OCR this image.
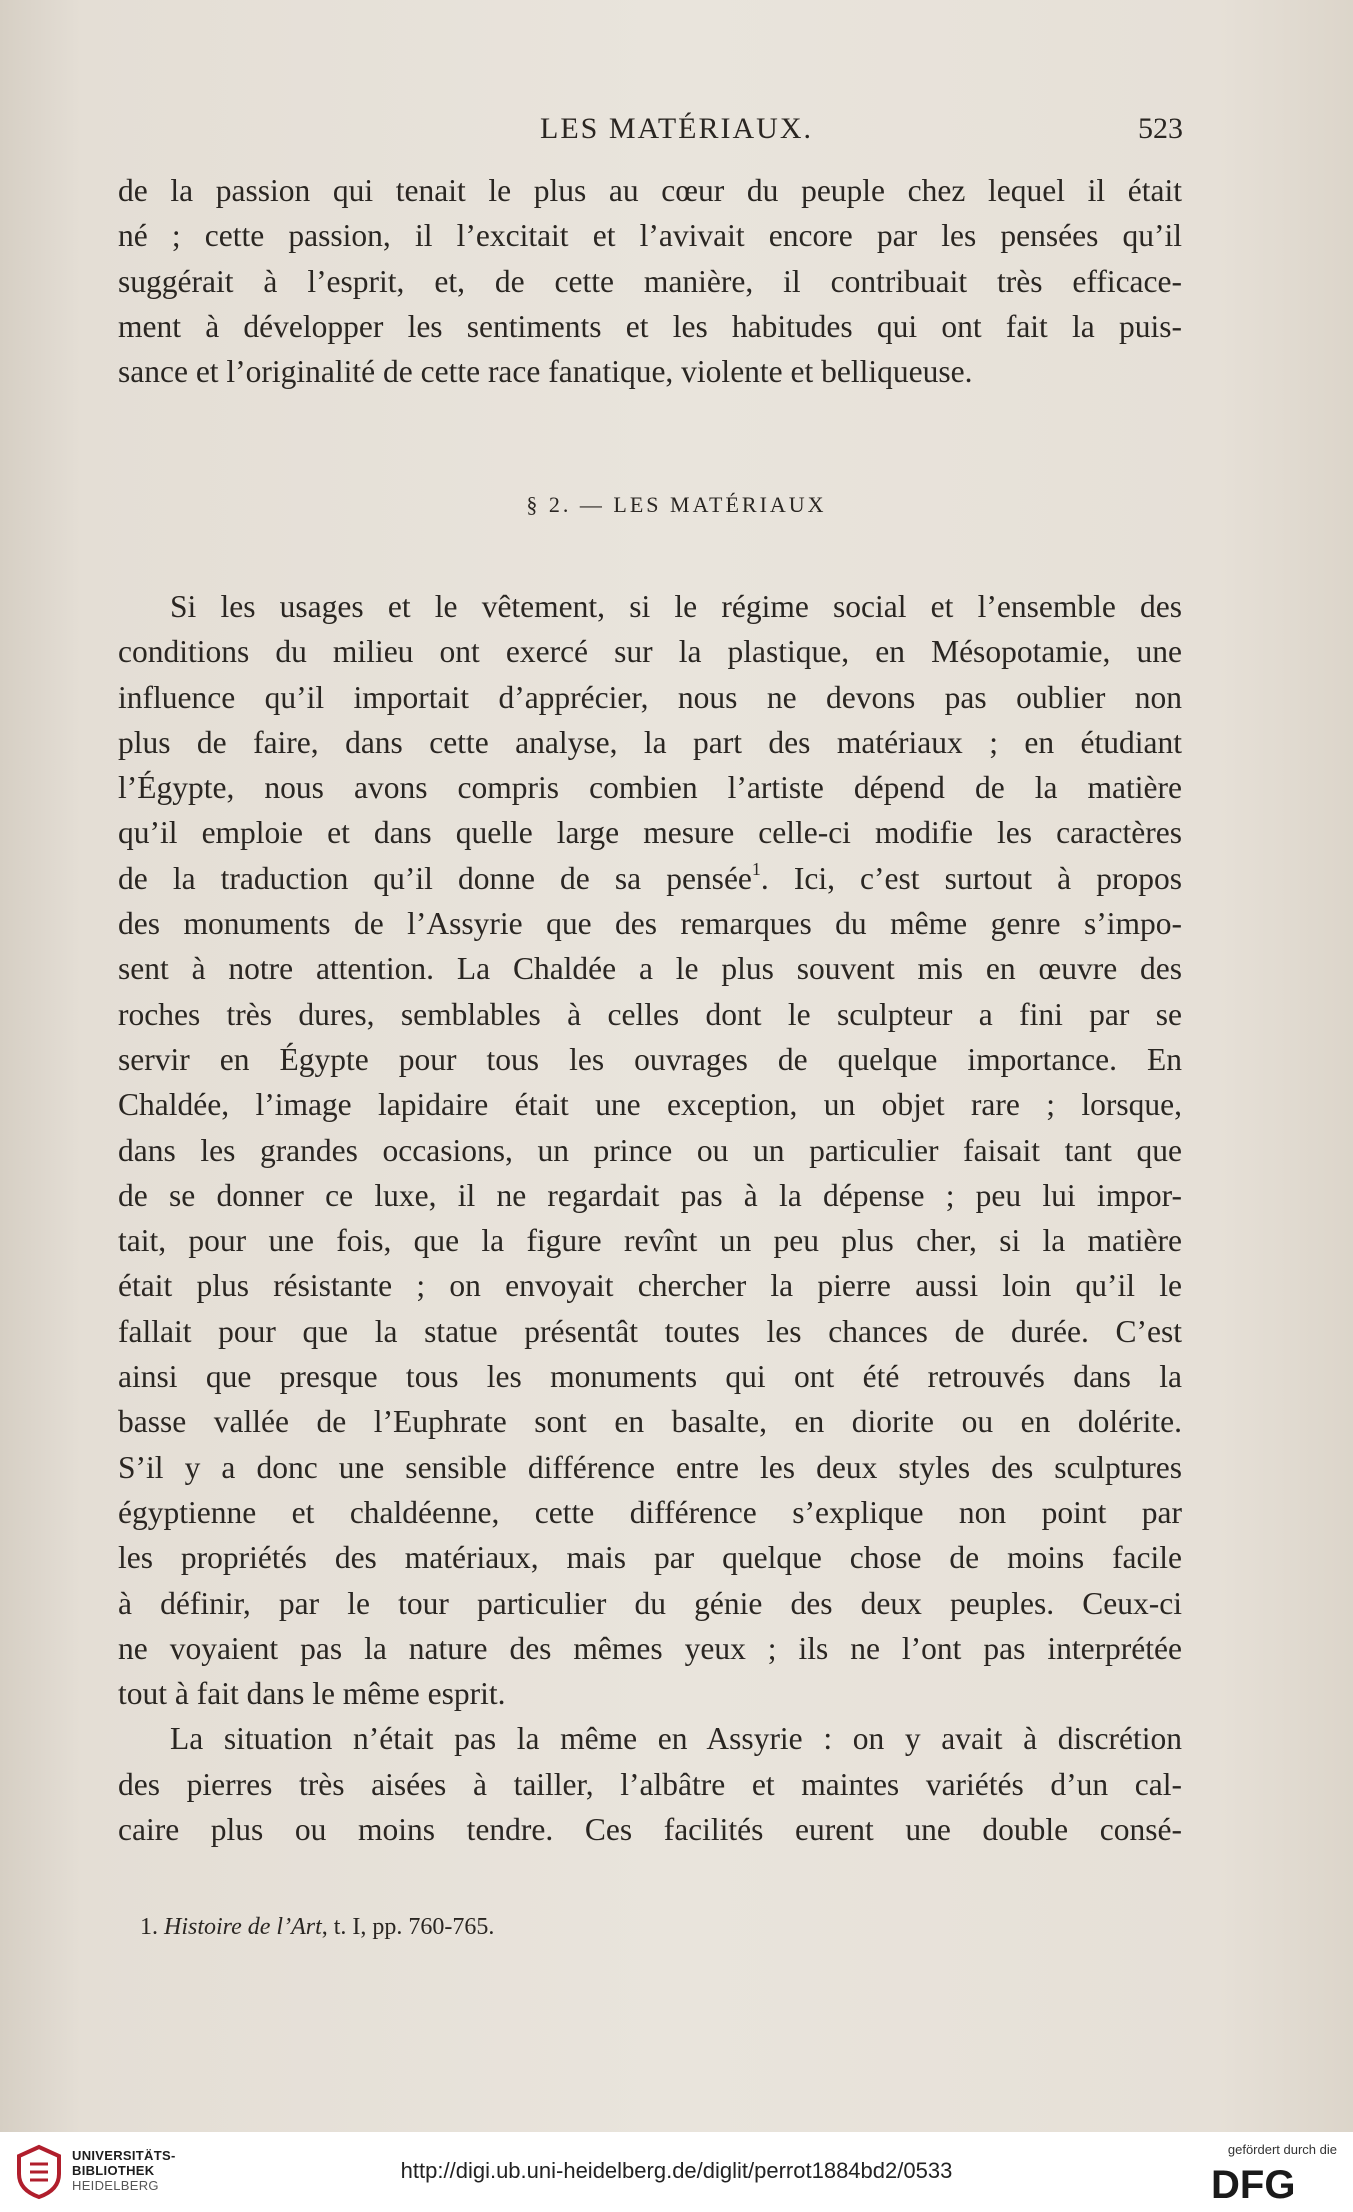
LES MATÉRIAUX.	523

de la passion qui tenait le plus au cœur du peuple chez lequel il était

né ; cette passion, il l’excitait et l’avivait encore par les pensées qu’il

suggérait à l’esprit, et, de cette manière, il contribuait très efficace-

ment à développer les sentiments et les habitudes qui ont fait la puis-

sance et l’originalité de cette race fanatique, violente et belliqueuse.

§ 2. — LES MATÉRIAUX

Si les usages et le vêtement, si le régime social et l’ensemble des

conditions du milieu ont exercé sur la plastique, en Mésopotamie, une

influence qu’il importait d’apprécier, nous ne devons pas oublier non

plus de faire, dans cette analyse, la part des matériaux ; en étudiant

l’Égypte, nous avons compris combien l’artiste dépend de la matière

qu’il emploie et dans quelle large mesure celle-ci modifie les caractères

de la traduction qu’il donne de sa pensée$^1$. Ici, c’est surtout à propos

des monuments de l’Assyrie que des remarques du même genre s’impo-

sent à notre attention. La Chaldée a le plus souvent mis en œuvre des

roches très dures, semblables à celles dont le sculpteur a fini par se

servir en Égypte pour tous les ouvrages de quelque importance. En

Chaldée, l’image lapidaire était une exception, un objet rare ; lorsque,

dans les grandes occasions, un prince ou un particulier faisait tant que

de se donner ce luxe, il ne regardait pas à la dépense ; peu lui impor-

tait, pour une fois, que la figure revînt un peu plus cher, si la matière

était plus résistante ; on envoyait chercher la pierre aussi loin qu’il le

fallait pour que la statue présentât toutes les chances de durée. C’est

ainsi que presque tous les monuments qui ont été retrouvés dans la

basse vallée de l’Euphrate sont en basalte, en diorite ou en dolérite.

S’il y a donc une sensible différence entre les deux styles des sculptures

égyptienne et chaldéenne, cette différence s’explique non point par

les propriétés des matériaux, mais par quelque chose de moins facile

à définir, par le tour particulier du génie des deux peuples. Ceux-ci

ne voyaient pas la nature des mêmes yeux ; ils ne l’ont pas interprétée

tout à fait dans le même esprit.

La situation n’était pas la même en Assyrie : on y avait à discrétion

des pierres très aisées à tailler, l’albâtre et maintes variétés d’un cal-

caire plus ou moins tendre. Ces facilités eurent une double consé-

1. Histoire de l’Art, t. I, pp. 760-765.
UNIVERSITÄTS-
BIBLIOTHEK
HEIDELBERG
http://digi.ub.uni-heidelberg.de/diglit/perrot1884bd2/0533
gefördert durch die
DFG
